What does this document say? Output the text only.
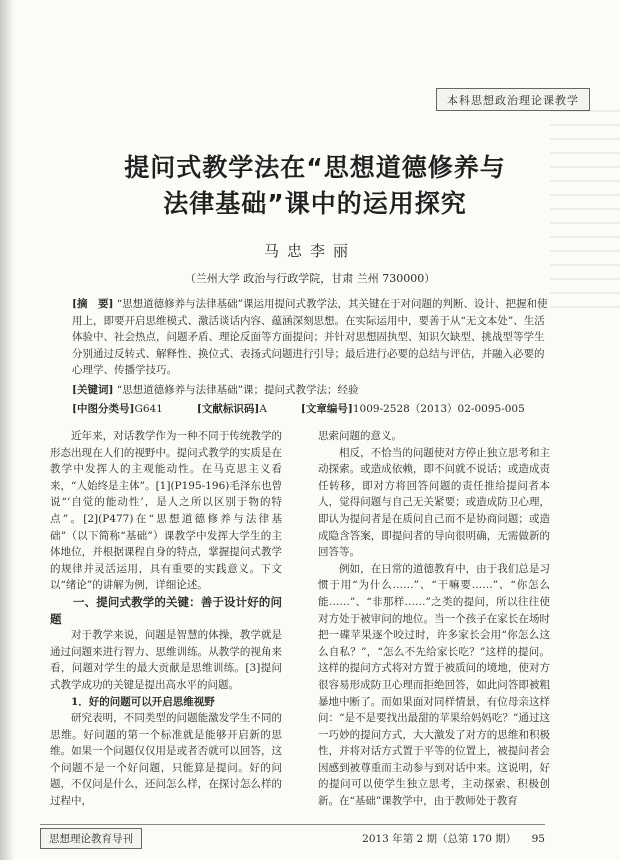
本科思想政治理论课教学
提问式教学法在“思想道德修养与
法律基础”课中的运用探究
马忠李丽
（兰州大学 政治与行政学院，甘肃 兰州 730000）
[摘　要] “思想道德修养与法律基础”课运用提问式教学法，其关键在于对问题的判断、设计、把握和使用上，即要开启思维模式、激活谈话内容、蕴涵深刻思想。在实际运用中，要善于从“无文本处”、生活体验中、社会热点，问题矛盾、理论反面等方面提问；并针对思想固执型、知识欠缺型、挑战型等学生分别通过反转式、解释性、换位式、表扬式问题进行引导；最后进行必要的总结与评估，并融入必要的心理学、传播学技巧。
[关键词] “思想道德修养与法律基础”课；提问式教学法；经验
[中图分类号]G641	[文献标识码]A	[文章编号]1009-2528（2013）02-0095-005

近年来，对话教学作为一种不同于传统教学的形态出现在人们的视野中。提问式教学的实质是在教学中发挥人的主观能动性。在马克思主义看来，“人始终是主体”。[1](P195-196)毛泽东也曾说“‘自觉的能动性’，是人之所以区别于物的特点”。[2](P477)在“思想道德修养与法律基础”（以下简称“基础”）课教学中发挥大学生的主体地位，并根据课程自身的特点，掌握提问式教学的规律并灵活运用，具有重要的实践意义。下文以“绪论”的讲解为例，详细论述。

一、提问式教学的关键：善于设计好的问题

对于教学来说，问题是智慧的体操，教学就是通过问题来进行智力、思维训练。从教学的视角来看，问题对学生的最大贡献是思维训练。[3]提问式教学成功的关键是提出高水平的问题。

1．好的问题可以开启思维视野

研究表明，不同类型的问题能激发学生不同的思维。好问题的第一个标准就是能够开启新的思维。如果一个问题仅仅用是或者否就可以回答，这个问题不是一个好问题，只能算是提问。好的问题，不仅问是什么，还问怎么样，在探讨怎么样的过程中，

思索问题的意义。

相反，不恰当的问题使对方停止独立思考和主动探索。或造成依赖，即不问就不说话；或造成责任转移，即对方将回答问题的责任推给提问者本人，觉得问题与自己无关紧要；或造成防卫心理，即认为提问者是在质问自己而不是协商问题；或造成隐含答案，即提问者的导向很明确，无需做新的回答等。

例如，在日常的道德教育中，由于我们总是习惯于用“为什么……”、“干嘛要……”、“你怎么能……”、“非那样……”之类的提问，所以往往使对方处于被审问的地位。当一个孩子在家长在场时把一碟苹果逐个咬过时，许多家长会用“你怎么这么自私？”，“怎么不先给家长吃？”这样的提问。这样的提问方式将对方置于被质问的境地，使对方很容易形成防卫心理而拒绝回答，如此问答即被粗暴地中断了。而如果面对同样情景，有位母亲这样问：“是不是要找出最甜的苹果给妈妈吃？”通过这一巧妙的提问方式，大大激发了对方的思维和积极性，并将对话方式置于平等的位置上，被提问者会因感到被尊重而主动参与到对话中来。这说明，好的提问可以使学生独立思考，主动探索、积极创新。在“基础”课教学中，由于教师处于教育

思想理论教育导刊	2013 年第 2 期（总第 170 期） 95
